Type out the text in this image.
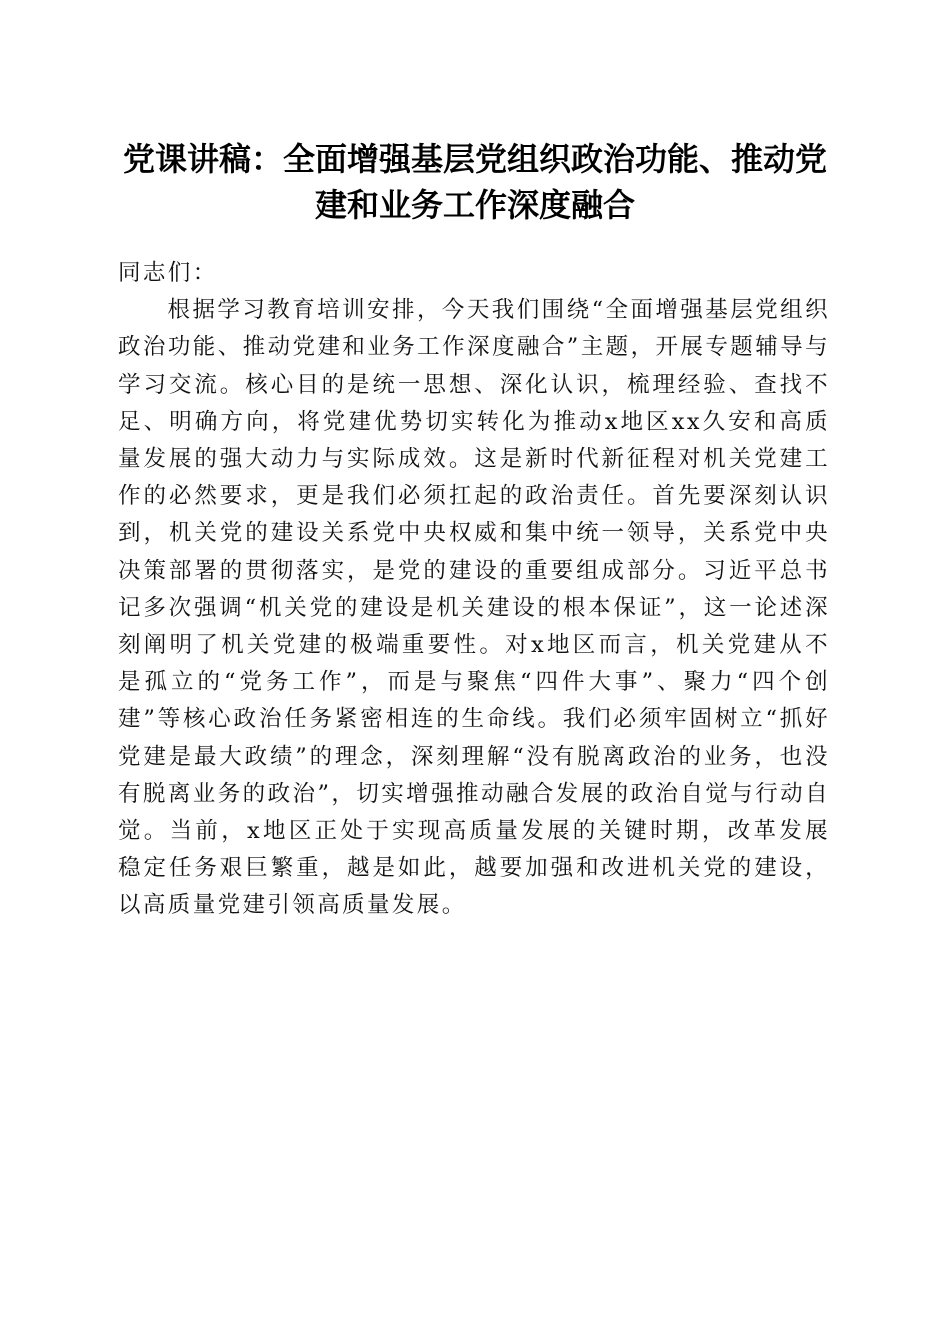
党课讲稿：全面增强基层党组织政治功能、推动党建和业务工作深度融合

同志们：

根据学习教育培训安排，今天我们围绕“全面增强基层党组织政治功能、推动党建和业务工作深度融合”主题，开展专题辅导与学习交流。核心目的是统一思想、深化认识，梳理经验、查找不足、明确方向，将党建优势切实转化为推动x地区xx久安和高质量发展的强大动力与实际成效。这是新时代新征程对机关党建工作的必然要求，更是我们必须扛起的政治责任。首先要深刻认识到，机关党的建设关系党中央权威和集中统一领导，关系党中央决策部署的贯彻落实，是党的建设的重要组成部分。习近平总书记多次强调“机关党的建设是机关建设的根本保证”，这一论述深刻阐明了机关党建的极端重要性。对x地区而言，机关党建从不是孤立的“党务工作”，而是与聚焦“四件大事”、聚力“四个创建”等核心政治任务紧密相连的生命线。我们必须牢固树立“抓好党建是最大政绩”的理念，深刻理解“没有脱离政治的业务，也没有脱离业务的政治”，切实增强推动融合发展的政治自觉与行动自觉。当前，x地区正处于实现高质量发展的关键时期，改革发展稳定任务艰巨繁重，越是如此，越要加强和改进机关党的建设，以高质量党建引领高质量发展。
